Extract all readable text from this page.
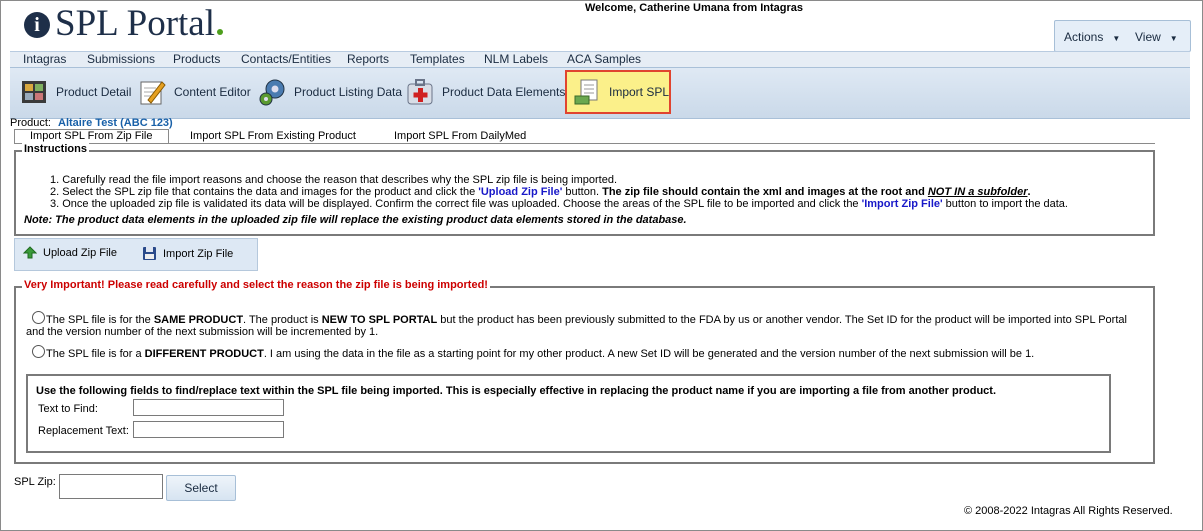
i SPL Portal	Welcome, Catherine Umana from Intagras
Actions ▼ View ▼
Intagras Submissions Products Contacts/Entities Reports Templates NLM Labels ACA Samples
Product Detail	Content Editor	Product Listing Data	Product Data Elements	Import SPL
Product: Altaire Test (ABC 123)
Import SPL From Zip File	Import SPL From Existing Product	Import SPL From DailyMed
Instructions
1. Carefully read the file import reasons and choose the reason that describes why the SPL zip file is being imported.
2. Select the SPL zip file that contains the data and images for the product and click the 'Upload Zip File' button. The zip file should contain the xml and images at the root and NOT IN a subfolder.
3. Once the uploaded zip file is validated its data will be displayed. Confirm the correct file was uploaded. Choose the areas of the SPL file to be imported and click the 'Import Zip File' button to import the data.
Note: The product data elements in the uploaded zip file will replace the existing product data elements stored in the database.
Upload Zip File	Import Zip File
Very Important! Please read carefully and select the reason the zip file is being imported!
The SPL file is for the SAME PRODUCT. The product is NEW TO SPL PORTAL but the product has been previously submitted to the FDA by us or another vendor. The Set ID for the product will be imported into SPL Portal
and the version number of the next submission will be incremented by 1.
The SPL file is for a DIFFERENT PRODUCT. I am using the data in the file as a starting point for my other product. A new Set ID will be generated and the version number of the next submission will be 1.
Use the following fields to find/replace text within the SPL file being imported. This is especially effective in replacing the product name if you are importing a file from another product.
Text to Find:
Replacement Text:
SPL Zip:	Select
© 2008-2022 Intagras All Rights Reserved.
